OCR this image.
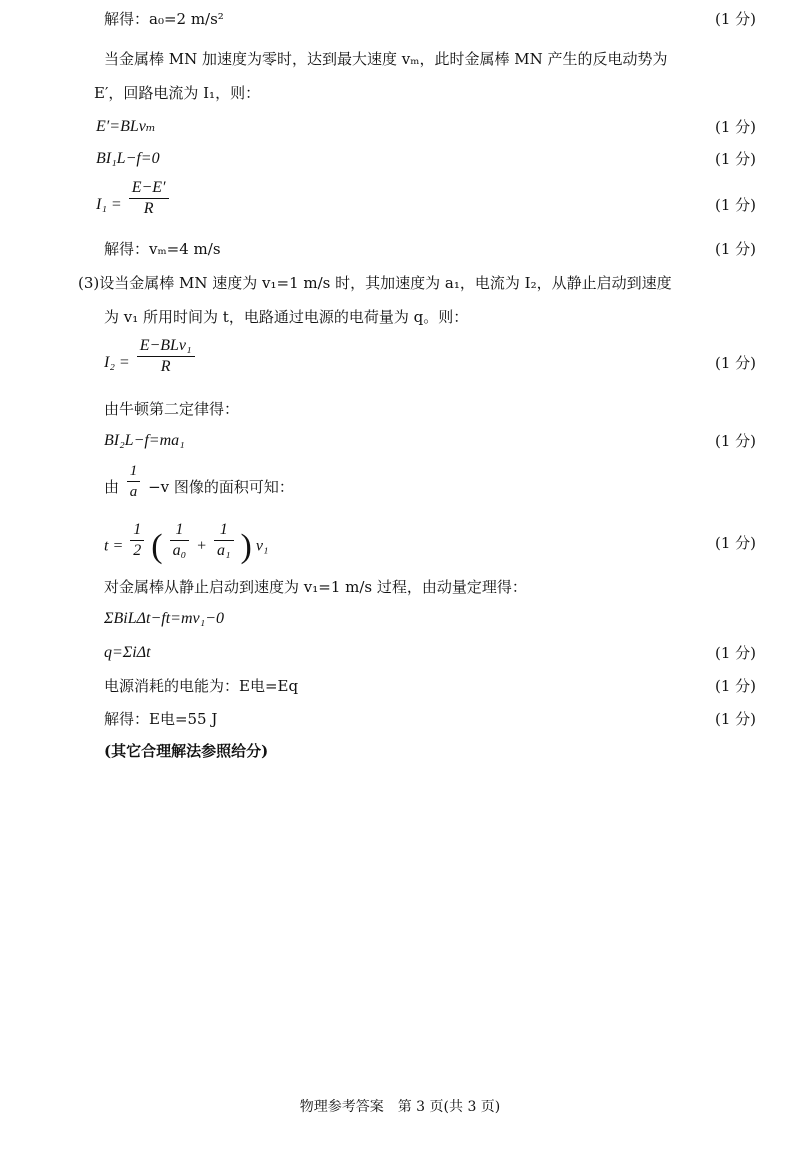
解得：a₀=2 m/s²	(1 分)
当金属棒 MN 加速度为零时，达到最大速度 vₘ，此时金属棒 MN 产生的反电动势为
E′，回路电流为 I₁，则：
E′=BLvₘ	(1 分)
BI₁L−f=0	(1 分)
$I_1 = \frac{E-E'}{R}$	(1 分)
解得：vₘ=4 m/s	(1 分)
(3)设当金属棒 MN 速度为 v₁=1 m/s 时，其加速度为 a₁，电流为 I₂，从静止启动到速度
为 v₁ 所用时间为 t，电路通过电源的电荷量为 q。则：
$I_2 = \frac{\text{E−BLv₁}}{R}$	(1 分)
由牛顿第二定律得：
BI₂L−f=ma₁	(1 分)
由 $\frac{1}{a} -v$ 图像的面积可知：
$t = \frac{1}{2}$ ( $\frac{1}{\text{a₀}} + \frac{1}{\text{a₁}}$ ) v₁	(1 分)
对金属棒从静止启动到速度为 v₁=1 m/s 过程，由动量定理得：
ΣBiLΔt−ft=mv₁−0
q=ΣiΔt	(1 分)
电源消耗的电能为：E电=Eq	(1 分)
解得：E电=55 J	(1 分)
(其它合理解法参照给分)
物理参考答案　第 3 页(共 3 页)
